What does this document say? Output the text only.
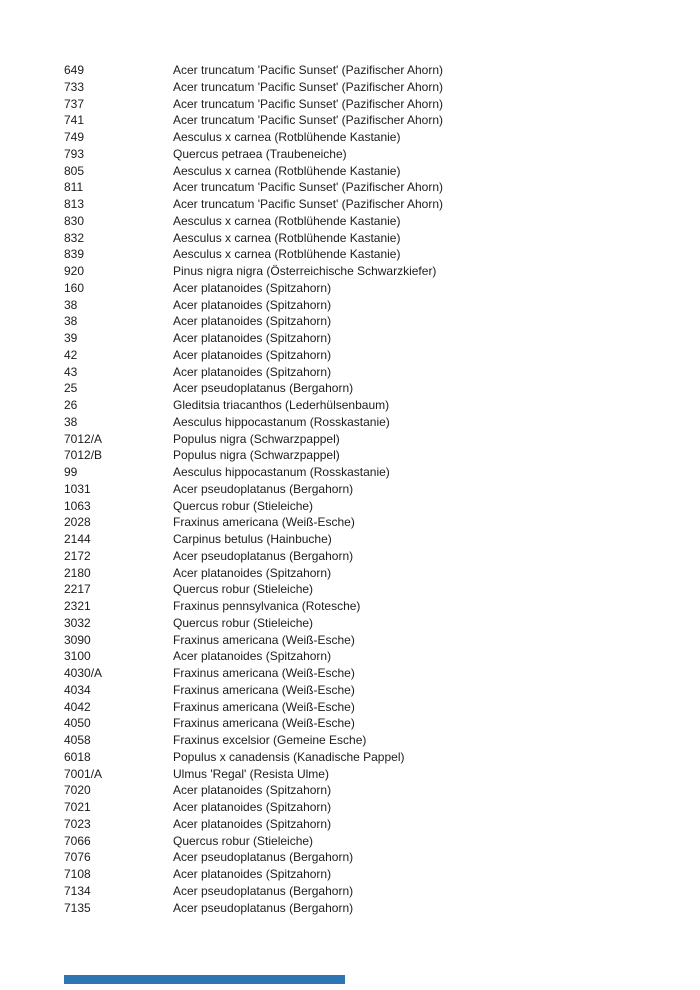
649	Acer truncatum 'Pacific Sunset' (Pazifischer Ahorn)
733	Acer truncatum 'Pacific Sunset' (Pazifischer Ahorn)
737	Acer truncatum 'Pacific Sunset' (Pazifischer Ahorn)
741	Acer truncatum 'Pacific Sunset' (Pazifischer Ahorn)
749	Aesculus x carnea (Rotblühende Kastanie)
793	Quercus petraea (Traubeneiche)
805	Aesculus x carnea (Rotblühende Kastanie)
811	Acer truncatum 'Pacific Sunset' (Pazifischer Ahorn)
813	Acer truncatum 'Pacific Sunset' (Pazifischer Ahorn)
830	Aesculus x carnea (Rotblühende Kastanie)
832	Aesculus x carnea (Rotblühende Kastanie)
839	Aesculus x carnea (Rotblühende Kastanie)
920	Pinus nigra nigra (Österreichische Schwarzkiefer)
160	Acer platanoides (Spitzahorn)
38	Acer platanoides (Spitzahorn)
38	Acer platanoides (Spitzahorn)
39	Acer platanoides (Spitzahorn)
42	Acer platanoides (Spitzahorn)
43	Acer platanoides (Spitzahorn)
25	Acer pseudoplatanus (Bergahorn)
26	Gleditsia triacanthos (Lederhülsenbaum)
38	Aesculus hippocastanum (Rosskastanie)
7012/A	Populus nigra (Schwarzpappel)
7012/B	Populus nigra (Schwarzpappel)
99	Aesculus hippocastanum (Rosskastanie)
1031	Acer pseudoplatanus (Bergahorn)
1063	Quercus robur (Stieleiche)
2028	Fraxinus americana (Weiß-Esche)
2144	Carpinus betulus (Hainbuche)
2172	Acer pseudoplatanus (Bergahorn)
2180	Acer platanoides (Spitzahorn)
2217	Quercus robur (Stieleiche)
2321	Fraxinus pennsylvanica (Rotesche)
3032	Quercus robur (Stieleiche)
3090	Fraxinus americana (Weiß-Esche)
3100	Acer platanoides (Spitzahorn)
4030/A	Fraxinus americana (Weiß-Esche)
4034	Fraxinus americana (Weiß-Esche)
4042	Fraxinus americana (Weiß-Esche)
4050	Fraxinus americana (Weiß-Esche)
4058	Fraxinus excelsior (Gemeine Esche)
6018	Populus x canadensis (Kanadische Pappel)
7001/A	Ulmus 'Regal' (Resista Ulme)
7020	Acer platanoides (Spitzahorn)
7021	Acer platanoides (Spitzahorn)
7023	Acer platanoides (Spitzahorn)
7066	Quercus robur (Stieleiche)
7076	Acer pseudoplatanus (Bergahorn)
7108	Acer platanoides (Spitzahorn)
7134	Acer pseudoplatanus (Bergahorn)
7135	Acer pseudoplatanus (Bergahorn)
